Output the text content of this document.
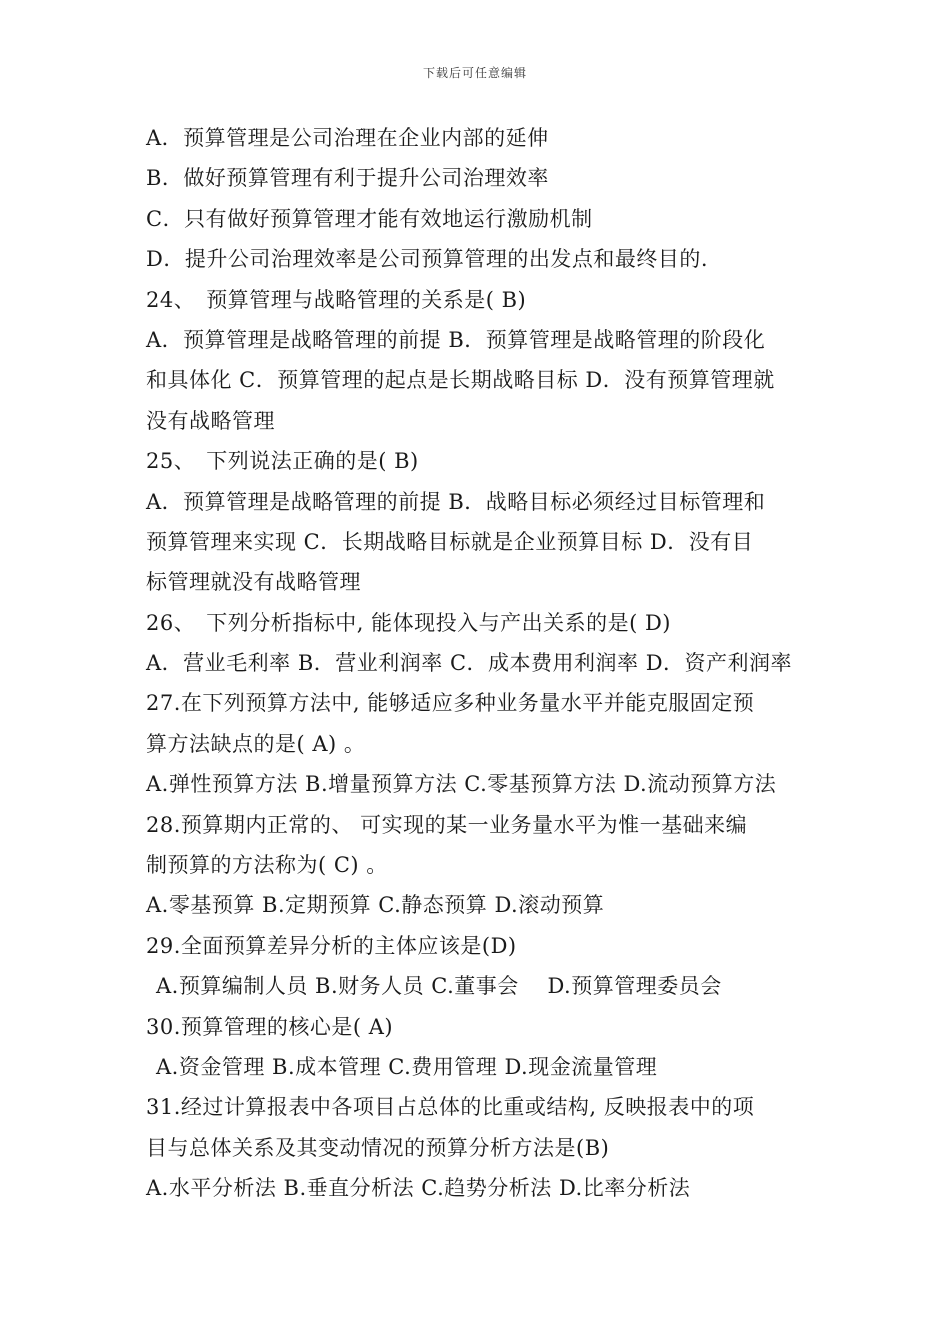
下载后可任意编辑
A．预算管理是公司治理在企业内部的延伸
B．做好预算管理有利于提升公司治理效率
C．只有做好预算管理才能有效地运行激励机制
D．提升公司治理效率是公司预算管理的出发点和最终目的.
24、　预算管理与战略管理的关系是( B)
A．预算管理是战略管理的前提 B．预算管理是战略管理的阶段化
和具体化 C．预算管理的起点是长期战略目标 D．没有预算管理就
没有战略管理
25、　下列说法正确的是( B)
A．预算管理是战略管理的前提 B．战略目标必须经过目标管理和
预算管理来实现 C．长期战略目标就是企业预算目标 D．没有目
标管理就没有战略管理
26、　下列分析指标中, 能体现投入与产出关系的是( D)
A．营业毛利率 B．营业利润率 C．成本费用利润率 D．资产利润率
27.在下列预算方法中, 能够适应多种业务量水平并能克服固定预
算方法缺点的是( A) 。
A.弹性预算方法 B.增量预算方法 C.零基预算方法 D.流动预算方法
28.预算期内正常的、 可实现的某一业务量水平为惟一基础来编
制预算的方法称为( C) 。
A.零基预算 B.定期预算 C.静态预算 D.滚动预算
29.全面预算差异分析的主体应该是(D)
A.预算编制人员 B.财务人员 C.董事会　 D.预算管理委员会
30.预算管理的核心是( A)
A.资金管理 B.成本管理 C.费用管理 D.现金流量管理
31.经过计算报表中各项目占总体的比重或结构, 反映报表中的项
目与总体关系及其变动情况的预算分析方法是(B)
A.水平分析法 B.垂直分析法 C.趋势分析法 D.比率分析法
